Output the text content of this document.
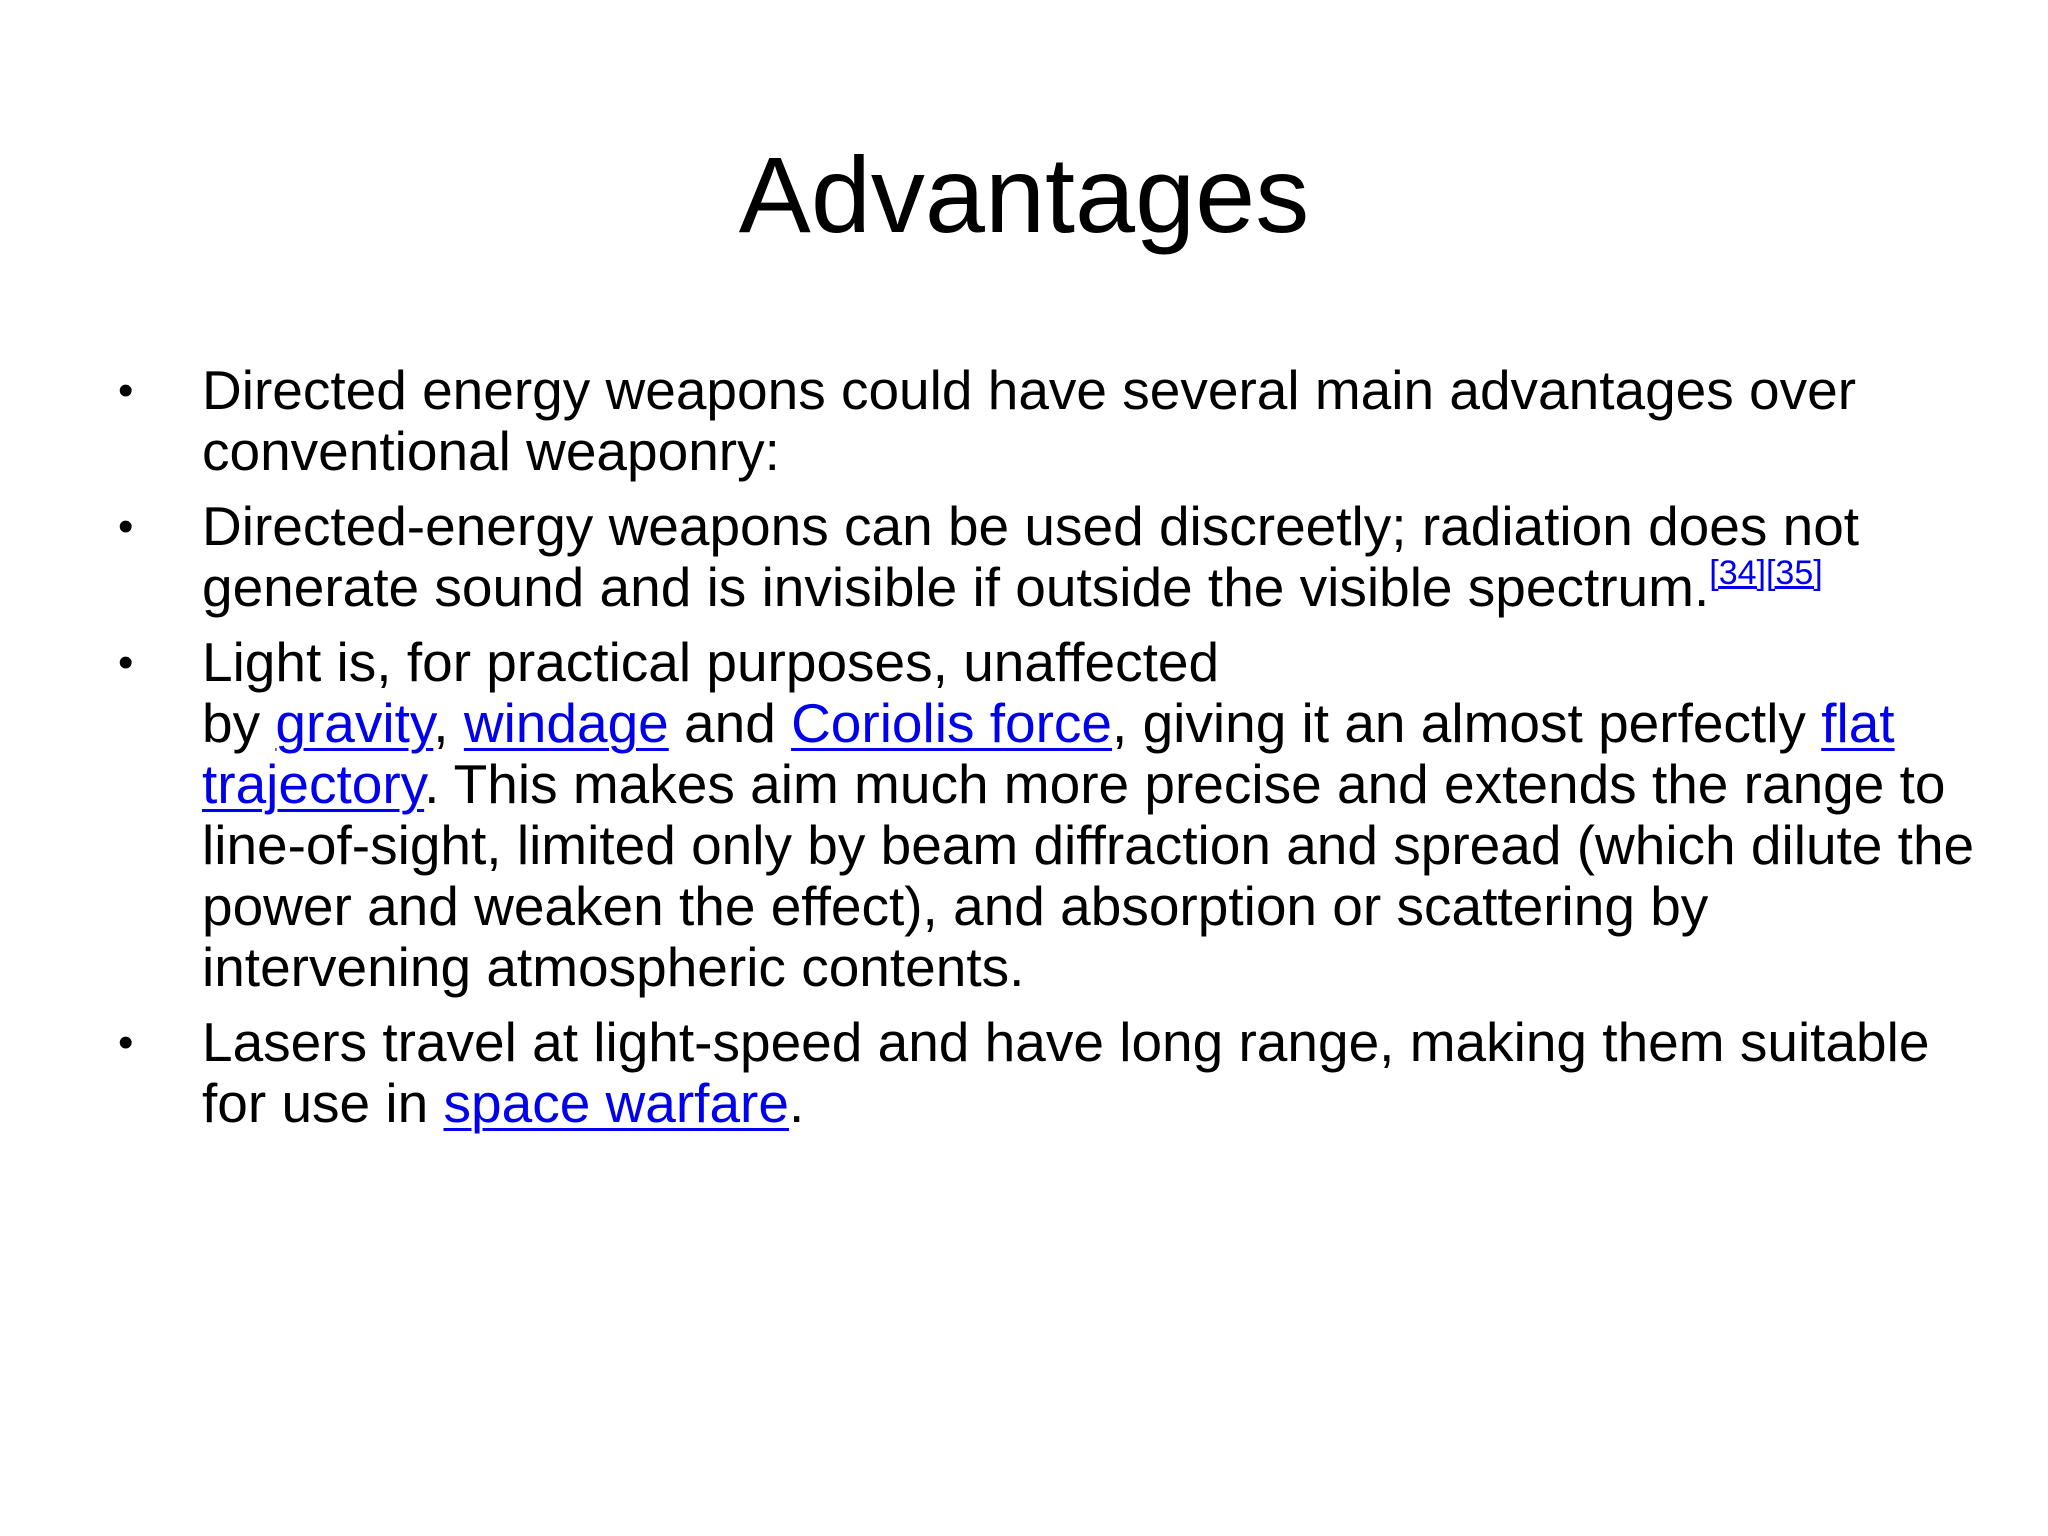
Advantages
•	Directed energy weapons could have several main advantages over conventional weaponry:
•	Directed-energy weapons can be used discreetly; radiation does not generate sound and is invisible if outside the visible spectrum.[34][35]
•	Light is, for practical purposes, unaffected
by gravity, windage and Coriolis force, giving it an almost perfectly flat trajectory. This makes aim much more precise and extends the range to line-of-sight, limited only by beam diffraction and spread (which dilute the power and weaken the effect), and absorption or scattering by intervening atmospheric contents.
•	Lasers travel at light-speed and have long range, making them suitable for use in space warfare.
